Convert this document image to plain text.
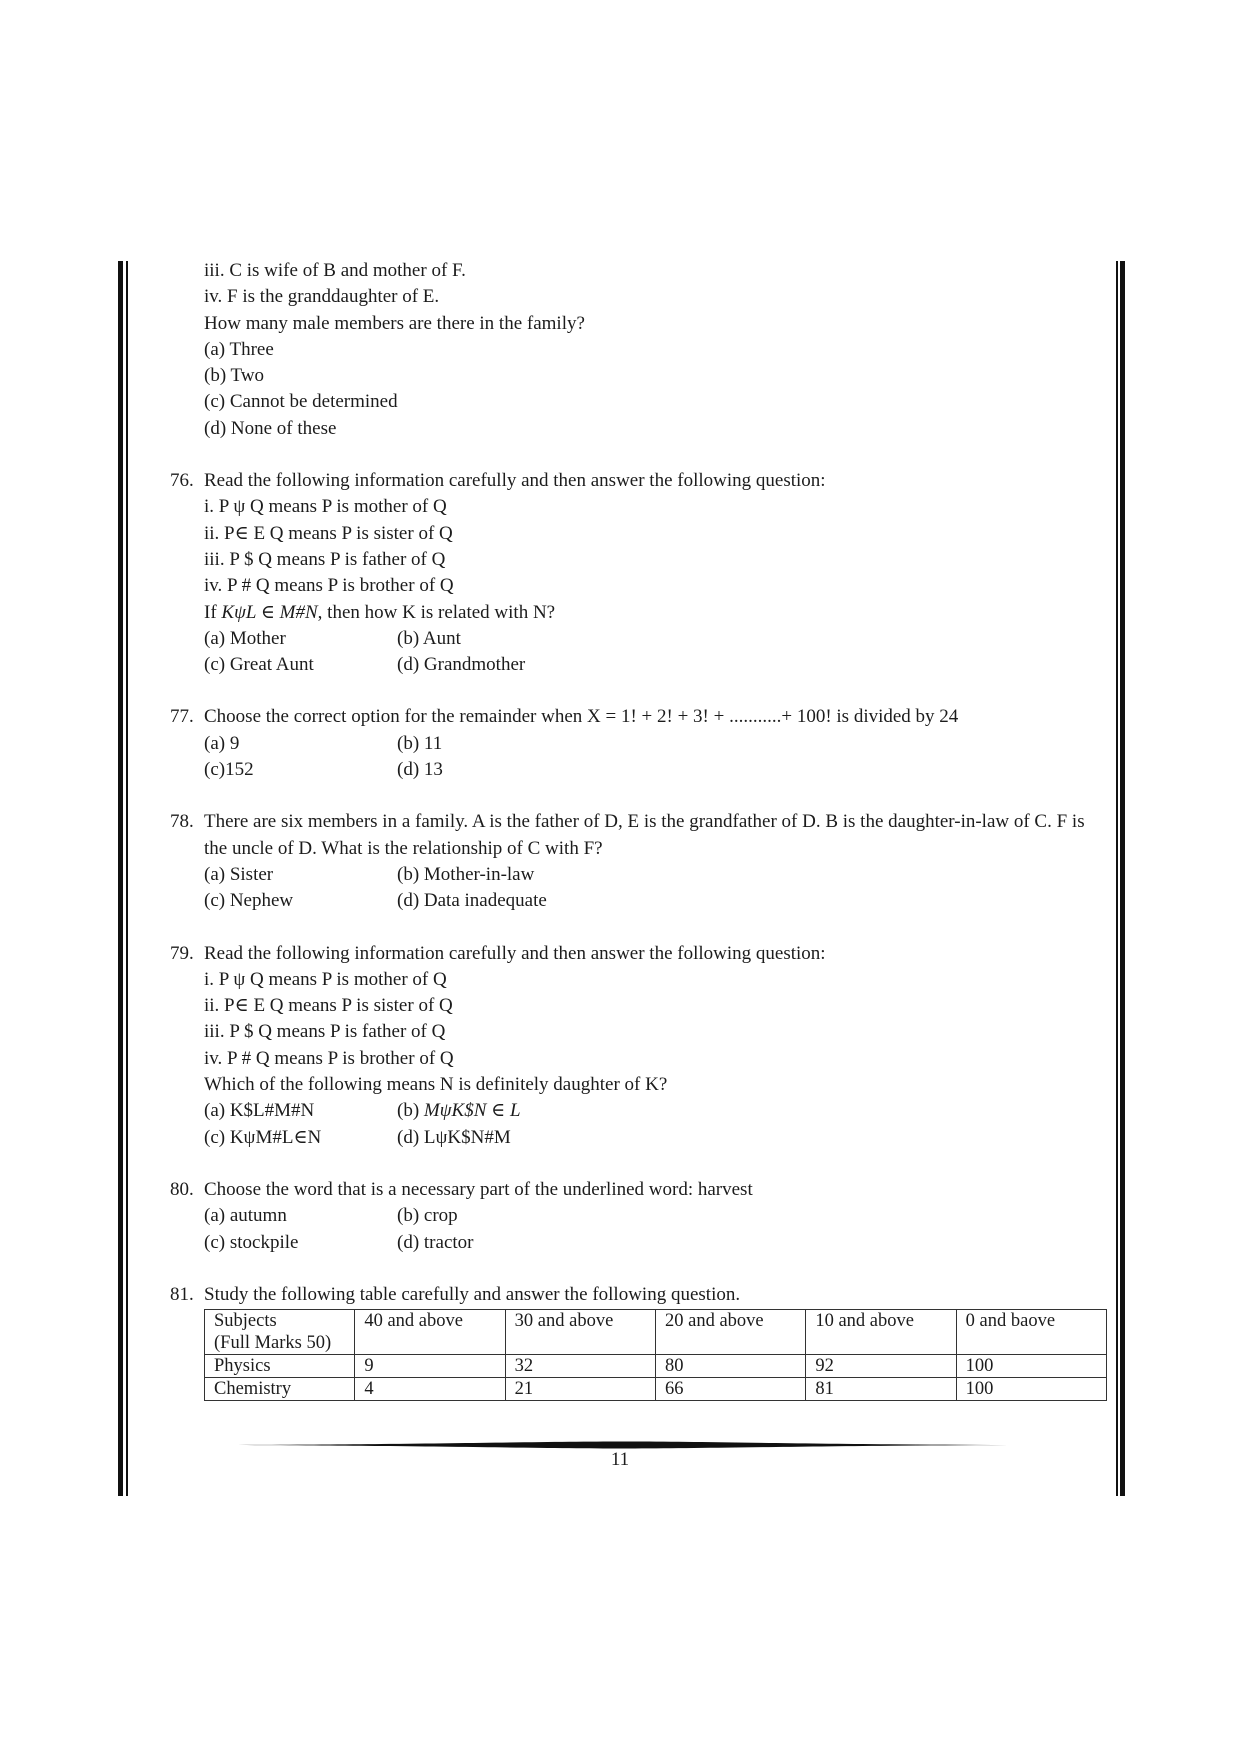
iii. C is wife of B and mother of F.
iv. F is the granddaughter of E.
How many male members are there in the family?
(a) Three
(b) Two
(c) Cannot be determined
(d) None of these
76. Read the following information carefully and then answer the following question:
i. P ψ Q means P is mother of Q
ii. P∈ E Q means P is sister of Q
iii. P $ Q means P is father of Q
iv. P # Q means P is brother of Q
If KψL ∈ M#N, then how K is related with N?
(a) Mother	(b) Aunt
(c) Great Aunt	(d) Grandmother
77. Choose the correct option for the remainder when X = 1! + 2! + 3! + ...........+ 100! is divided by 24
(a) 9	(b) 11
(c)152	(d) 13
78. There are six members in a family. A is the father of D, E is the grandfather of D. B is the daughter-in-law of C. F is the uncle of D. What is the relationship of C with F?
(a) Sister	(b) Mother-in-law
(c) Nephew	(d) Data inadequate
79. Read the following information carefully and then answer the following question:
i. P ψ Q means P is mother of Q
ii. P∈ E Q means P is sister of Q
iii. P $ Q means P is father of Q
iv. P # Q means P is brother of Q
Which of the following means N is definitely daughter of K?
(a) K$L#M#N	(b) MψK$N ∈ L
(c) KψM#L∈N	(d) LψK$N#M
80. Choose the word that is a necessary part of the underlined word: harvest
(a) autumn	(b) crop
(c) stockpile	(d) tractor
81. Study the following table carefully and answer the following question.
Subjects
(Full Marks 50)	40 and above	30 and above	20 and above	10 and above	0 and baove
Physics	9	32	80	92	100
Chemistry	4	21	66	81	100
11
